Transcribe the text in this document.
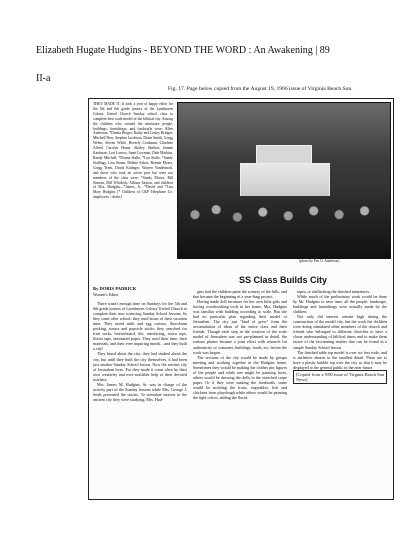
Elizabeth Hugate Hudgins - BEYOND THE WORD : An Awakening | 89
II-a
Fig. 17. Page below copied from the August 19, 1966 issue of Virginia Beach Sun.
THEY MADE IT: It took a year of happy effort for the 5th and 6th grade juniors of the Lynnhaven Colony United Church Sunday school class to complete their scale model of the biblical city. Among the children who created the miniature people, buildings, furnishings, and foodstuffs were: Allen Anderson, *Donna Berger, Kathy and Lesley Bridger, Mitchell New, Stephen Jacobson, Diane Smith, Gregg Weber, Steven Wible, Beverly Cookman, Charlene Allred, Carolyn Hume, Shirley Skelton, Jeanne Kaufman, Lori Larrow, Janet Lowman, Dale Mathias, Randy Mitchell, *Donna Stallo, *Lyn Stallo, *Sandy Stallings, Lisa Sturm, Debbie Sykes, Bonnie Myers, Gregg Trent, David Kalinger, Warren Vandermolt, and those who took an active part but were not members of the class were: *Sandy Moore, Bill Simons, Bill Whitlock, Allison Saxton, and children of Mrs. Hudgins—*James, Jr., *David and *Lisa Mary Hudgins [* Children of C&P Telephone Co. employees / clerks]
(photo by Fen O. Anderson)
SS Class Builds City
By DORIS PADRICK
Women's Editor

There wasn't enough time on Sundays for the 5th and 6th grade juniors of Lynnhaven Colony United Church to complete their new sciencing Sunday School lessons. So they came after school; they used hours of their vacation time. They saved milk and egg cartons, Styrofoam packing, straws and popsicle sticks; they searched for fruit sacks, beaverboard, tile, interfacing, acorn tops, florist tape, laminated paper. They used their time, their materials, and their ever inquiring minds... and they built a city!

They heard about the city; they had studied about the city, but until they built the city themselves, it had been just another Sunday School lesson. Now the ancient city of Jerusalem lives. For they made it come alive by their own creativity and ever-available help of their devoted teachers.

Mrs. James M. Hudgins, Sr. was in charge of the activity part of the Sunday lessons while Mrs. George J. Seals presented the stories. To stimulate interest in the ancient city they were studying, Mrs. Hud-

gins had the children paint the scenery of the hills, and that became the beginning of a year-long project.

Having made doll furniture for her own little girls and having woodworking tools in her home, Mrs. Hudgins was familiar with building according to scale. But she had no particular plan regarding their model of Jerusalem. The city just "kind of grew" from the accumulation of ideas of the entire class and their friends. Though each step in the creation of the scale model of Jerusalem was not pre-planned in detail, the various phases became a joint effort with research for authenticity of costumes, buildings, foods, etc. before the work was begun.

The sections of the city would be made by groups meeting and working together in the Hudgins home. Sometimes they would be making the clothes pin figures of the people and while one might be painting faces, others would be dressing the dolls in the stretched crepe paper. Or if they were making the foodstuffs, some would be molding the fruits, vegetables, fish and chickens from playdough while others would be painting the tight colors, adding the florist

tapes, or shellacking the finished miniatures.

While much of the preliminary work would be done by Mr. Hudgins to save time, all the people, landscape, buildings and furnishings were actually made by the children.

Not only did interest remain high during the construction of the model city, but the work the children were doing stimulated other members of the church and friends who belonged to different churches to have a closer understanding of biblical times and to make them aware of the fascinating studies that can be found in a simple Sunday School lesson.

The finished table top model is over six feet wide, and is authentic almost to the smallest detail. Plans are to have a plastic bubble top over the city so that it may be displayed to the general public in the near future.

[Copied from a 9/00 issue of Virginia Beach Sun News]
